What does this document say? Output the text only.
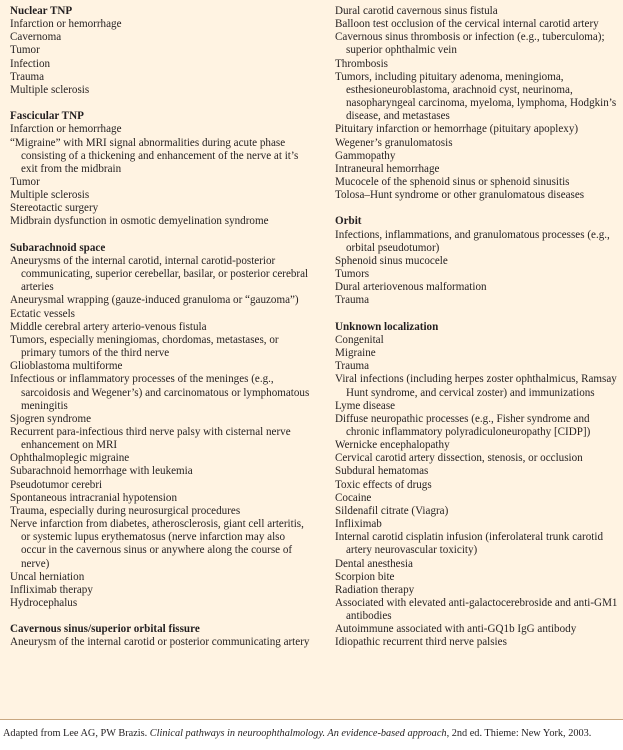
Nuclear TNP
Infarction or hemorrhage
Cavernoma
Tumor
Infection
Trauma
Multiple sclerosis
Fascicular TNP
Infarction or hemorrhage
“Migraine” with MRI signal abnormalities during acute phase consisting of a thickening and enhancement of the nerve at it’s exit from the midbrain
Tumor
Multiple sclerosis
Stereotactic surgery
Midbrain dysfunction in osmotic demyelination syndrome
Subarachnoid space
Aneurysms of the internal carotid, internal carotid-posterior communicating, superior cerebellar, basilar, or posterior cerebral arteries
Aneurysmal wrapping (gauze-induced granuloma or “gauzoma”)
Ectatic vessels
Middle cerebral artery arterio-venous fistula
Tumors, especially meningiomas, chordomas, metastases, or primary tumors of the third nerve
Glioblastoma multiforme
Infectious or inflammatory processes of the meninges (e.g., sarcoidosis and Wegener’s) and carcinomatous or lymphomatous meningitis
Sjogren syndrome
Recurrent para-infectious third nerve palsy with cisternal nerve enhancement on MRI
Ophthalmoplegic migraine
Subarachnoid hemorrhage with leukemia
Pseudotumor cerebri
Spontaneous intracranial hypotension
Trauma, especially during neurosurgical procedures
Nerve infarction from diabetes, atherosclerosis, giant cell arteritis, or systemic lupus erythematosus (nerve infarction may also occur in the cavernous sinus or anywhere along the course of nerve)
Uncal herniation
Infliximab therapy
Hydrocephalus
Cavernous sinus/superior orbital fissure
Aneurysm of the internal carotid or posterior communicating artery
Dural carotid cavernous sinus fistula
Balloon test occlusion of the cervical internal carotid artery
Cavernous sinus thrombosis or infection (e.g., tuberculoma); superior ophthalmic vein
Thrombosis
Tumors, including pituitary adenoma, meningioma, esthesioneuroblastoma, arachnoid cyst, neurinoma, nasopharyngeal carcinoma, myeloma, lymphoma, Hodgkin’s disease, and metastases
Pituitary infarction or hemorrhage (pituitary apoplexy)
Wegener’s granulomatosis
Gammopathy
Intraneural hemorrhage
Mucocele of the sphenoid sinus or sphenoid sinusitis
Tolosa–Hunt syndrome or other granulomatous diseases
Orbit
Infections, inflammations, and granulomatous processes (e.g., orbital pseudotumor)
Sphenoid sinus mucocele
Tumors
Dural arteriovenous malformation
Trauma
Unknown localization
Congenital
Migraine
Trauma
Viral infections (including herpes zoster ophthalmicus, Ramsay Hunt syndrome, and cervical zoster) and immunizations
Lyme disease
Diffuse neuropathic processes (e.g., Fisher syndrome and chronic inflammatory polyradiculoneuropathy [CIDP])
Wernicke encephalopathy
Cervical carotid artery dissection, stenosis, or occlusion
Subdural hematomas
Toxic effects of drugs
Cocaine
Sildenafil citrate (Viagra)
Infliximab
Internal carotid cisplatin infusion (inferolateral trunk carotid artery neurovascular toxicity)
Dental anesthesia
Scorpion bite
Radiation therapy
Associated with elevated anti-galactocerebroside and anti-GM1 antibodies
Autoimmune associated with anti-GQ1b IgG antibody
Idiopathic recurrent third nerve palsies
Adapted from Lee AG, PW Brazis. Clinical pathways in neuroophthalmology. An evidence-based approach, 2nd ed. Thieme: New York, 2003.
